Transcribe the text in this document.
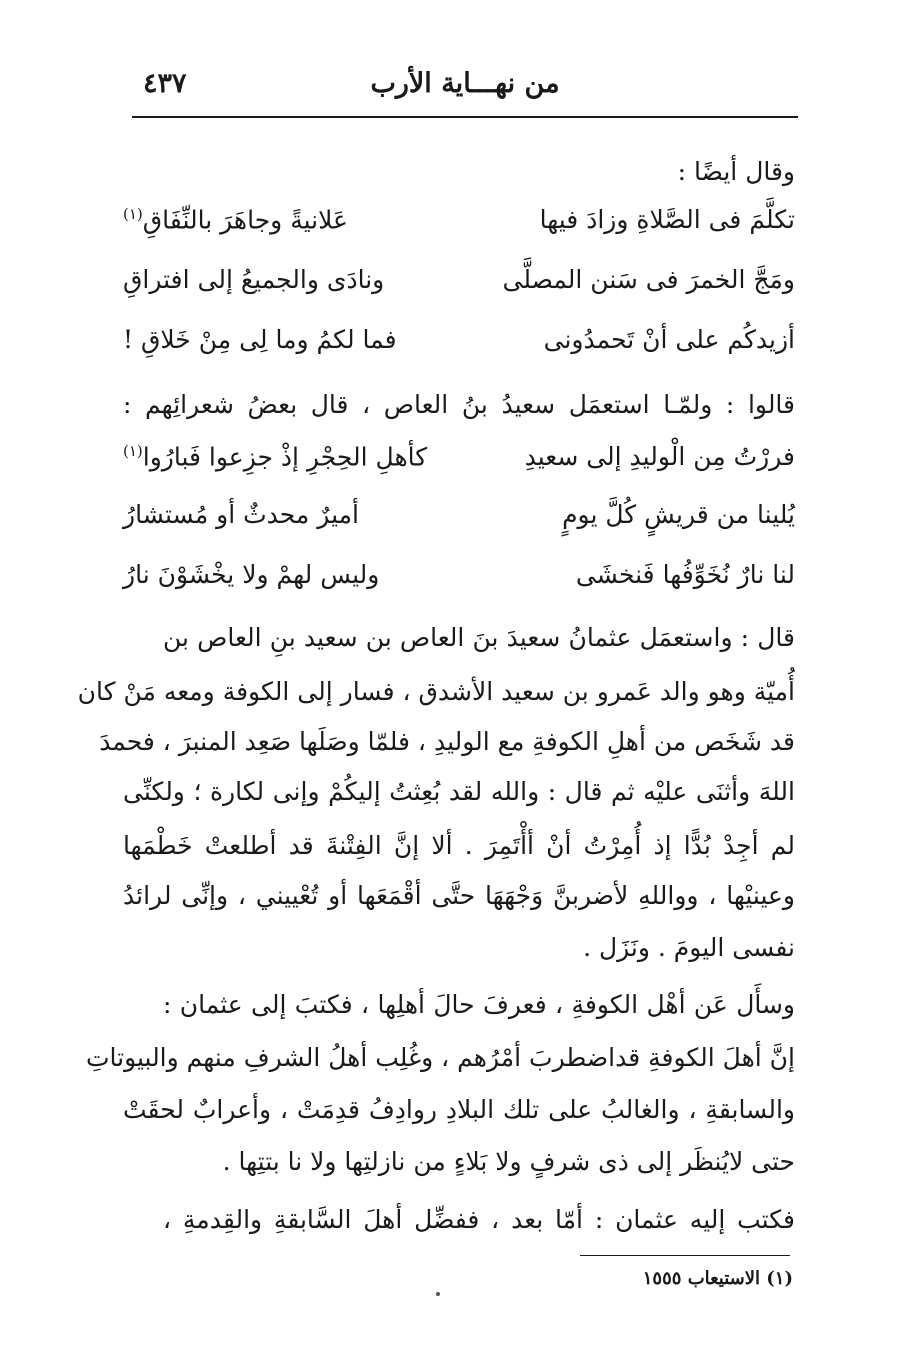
من نهـــاية الأرب
٤٣٧
وقال أيضًا :
تكلَّمَ فى الصَّلاةِ وزادَ فيها
عَلانيةً وجاهَرَ بالنِّفَاقِ$^{(١)}$
ومَجَّ الخمرَ فى سَنن المصلَّى
ونادَى والجميعُ إلى افتراقِ
أزيدكُم على أنْ تَحمدُونى
فما لكمُ وما لِى مِنْ خَلاقِ !
قالوا : ولمّـا استعمَل سعيدُ بنُ العاص ، قال بعضُ شعرائِهم :
فررْتُ مِن الْوليدِ إلى سعيدِ
كأهلِ الحِجْرِ إذْ جزِعوا فَبارُوا$^{(١)}$
يُلينا من قريشٍ كُلَّ يومٍ
أميرٌ محدثٌ أو مُستشارُ
لنا نارٌ نُخَوِّفُها فَنخشَى
وليس لهمْ ولا يخْشَوْنَ نارُ
قال : واستعمَل عثمانُ سعيدَ بنَ العاص بن سعيد بنِ العاص بن
أُميّة وهو والد عَمرو بن سعيد الأشدق ، فسار إلى الكوفة ومعه مَنْ كان
قد شَخَص من أهلِ الكوفةِ مع الوليدِ ، فلمّا وصَلَها صَعِد المنبرَ ، فحمدَ
اللهَ وأثنَى عليْه ثم قال : والله لقد بُعِثتُ إليكُمْ وإنى لكارة ؛ ولكنِّى
لم أجِدْ بُدًّا إذ أُمِرْتُ أنْ أأْتَمِرَ . ألا إنَّ الفِتْنةَ قد أطلعتْ خَطْمَها
وعينيْها ، وواللهِ لأضربنَّ وَجْهَهَا حتَّى أقْمَعَها أو تُعْييني ، وإنِّى لرائدُ
نفسى اليومَ . ونَزَل .
وسأَل عَن أهْل الكوفةِ ، فعرفَ حالَ أهلِها ، فكتبَ إلى عثمان :
إنَّ أهلَ الكوفةِ قداضطربَ أمْرُهم ، وغُلِب أهلُ الشرفِ منهم والبيوتاتِ
والسابقةِ ، والغالبُ على تلك البلادِ روادِفُ قدِمَتْ ، وأعرابٌ لحقَتْ
حتى لايُنظَر إلى ذى شرفٍ ولا بَلاءٍ من نازلتِها ولا نا بتتِها .
فكتب إليه عثمان : أمّا بعد ، ففضِّل أهلَ السَّابقةِ والقِدمةِ ،
(١) الاستيعاب ١٥٥٥
